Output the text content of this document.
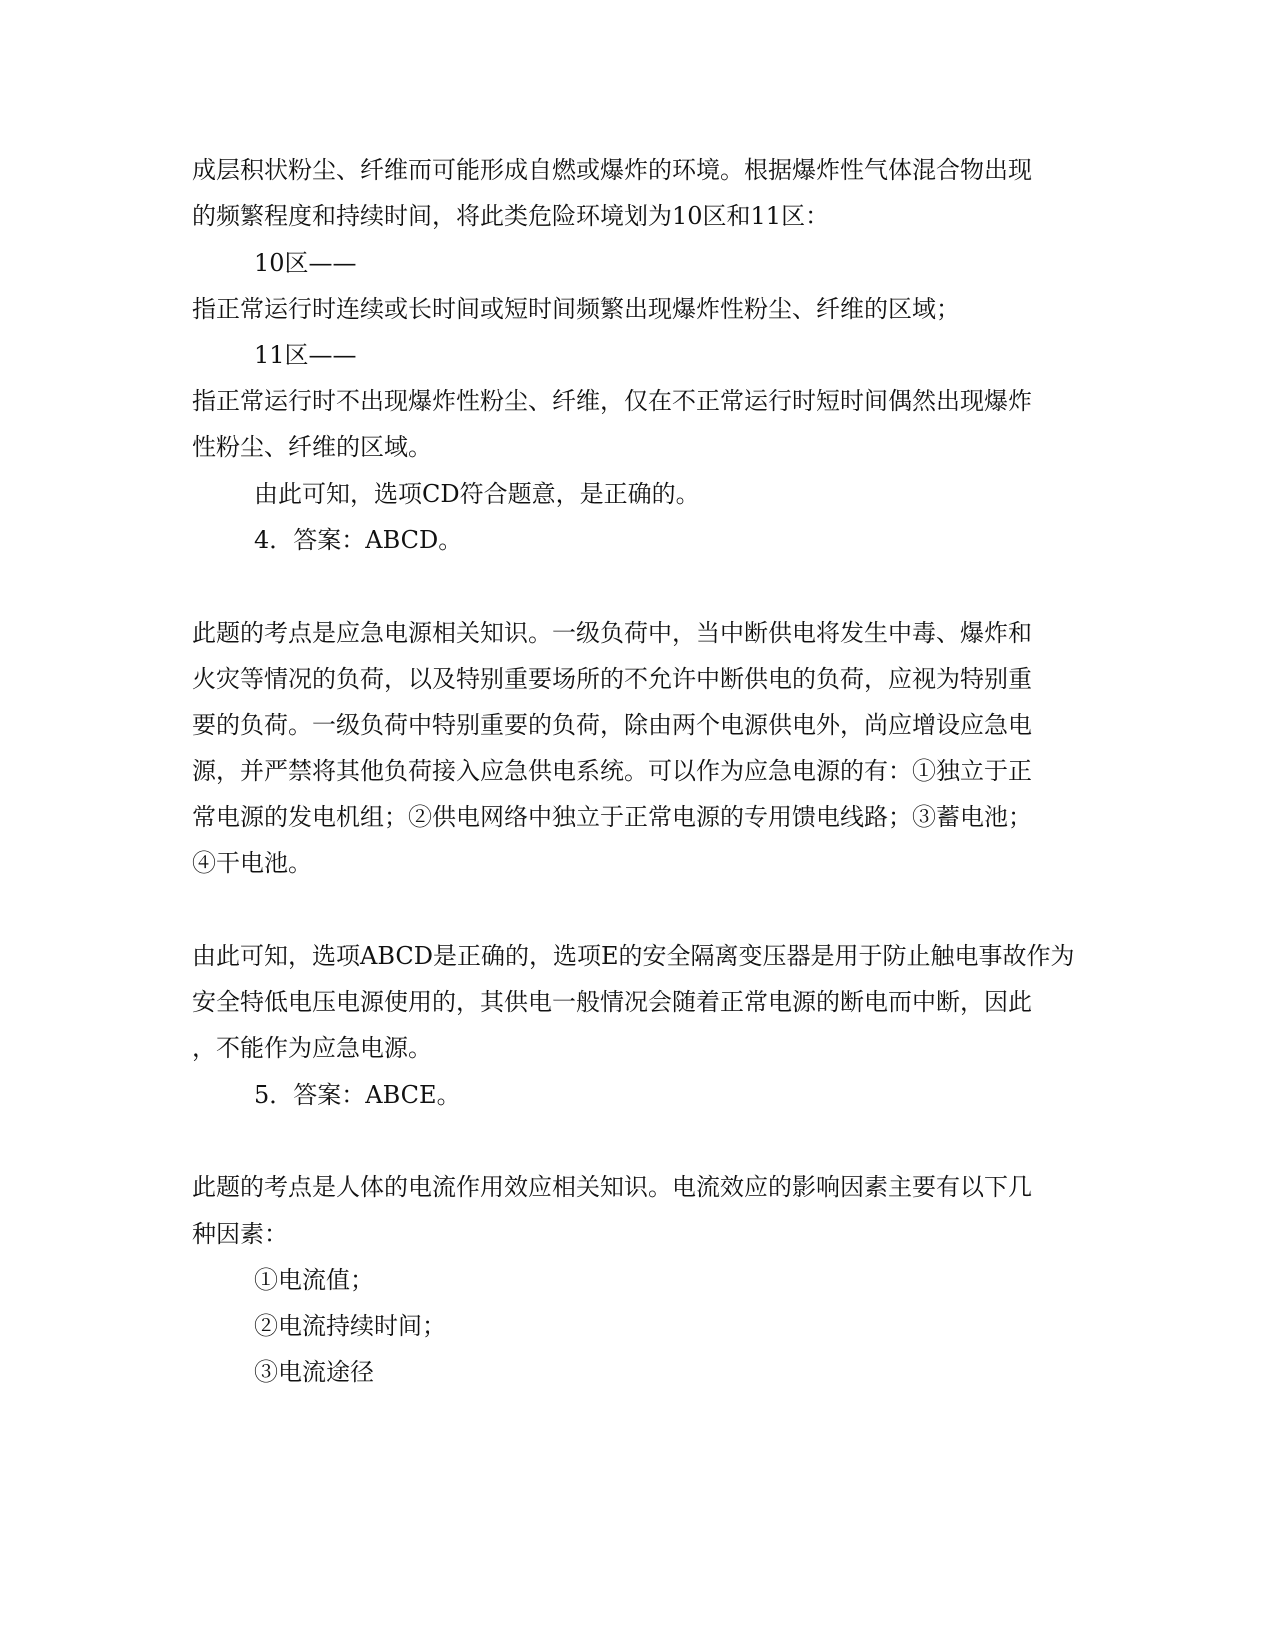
成层积状粉尘、纤维而可能形成自燃或爆炸的环境。根据爆炸性气体混合物出现
的频繁程度和持续时间，将此类危险环境划为10区和11区：
10区——
指正常运行时连续或长时间或短时间频繁出现爆炸性粉尘、纤维的区域；
11区——
指正常运行时不出现爆炸性粉尘、纤维，仅在不正常运行时短时间偶然出现爆炸
性粉尘、纤维的区域。
由此可知，选项CD符合题意，是正确的。
4．答案：ABCD。
此题的考点是应急电源相关知识。一级负荷中，当中断供电将发生中毒、爆炸和
火灾等情况的负荷，以及特别重要场所的不允许中断供电的负荷，应视为特别重
要的负荷。一级负荷中特别重要的负荷，除由两个电源供电外，尚应增设应急电
源，并严禁将其他负荷接入应急供电系统。可以作为应急电源的有：①独立于正
常电源的发电机组；②供电网络中独立于正常电源的专用馈电线路；③蓄电池；
④干电池。
由此可知，选项ABCD是正确的，选项E的安全隔离变压器是用于防止触电事故作为
安全特低电压电源使用的，其供电一般情况会随着正常电源的断电而中断，因此
，不能作为应急电源。
5．答案：ABCE。
此题的考点是人体的电流作用效应相关知识。电流效应的影响因素主要有以下几
种因素：
①电流值；
②电流持续时间；
③电流途径
